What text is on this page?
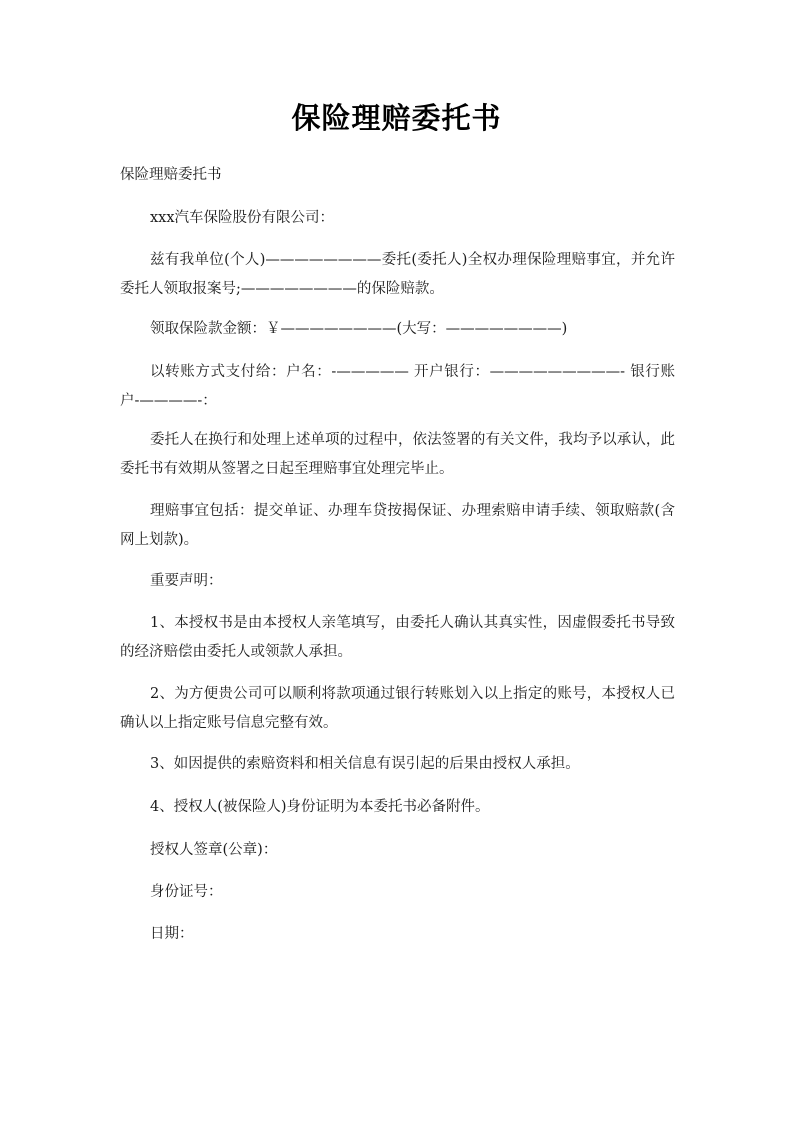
保险理赔委托书
保险理赔委托书
xxx汽车保险股份有限公司：
兹有我单位(个人)————————委托(委托人)全权办理保险理赔事宜，并允许委托人领取报案号;————————的保险赔款。
领取保险款金额：￥————————(大写：————————)
以转账方式支付给：户名：-————— 开户银行：—————————- 银行账户-————-：
委托人在换行和处理上述单项的过程中，依法签署的有关文件，我均予以承认，此委托书有效期从签署之日起至理赔事宜处理完毕止。
理赔事宜包括：提交单证、办理车贷按揭保证、办理索赔申请手续、领取赔款(含网上划款)。
重要声明：
1、本授权书是由本授权人亲笔填写，由委托人确认其真实性，因虚假委托书导致的经济赔偿由委托人或领款人承担。
2、为方便贵公司可以顺利将款项通过银行转账划入以上指定的账号，本授权人已确认以上指定账号信息完整有效。
3、如因提供的索赔资料和相关信息有误引起的后果由授权人承担。
4、授权人(被保险人)身份证明为本委托书必备附件。
授权人签章(公章)：
身份证号：
日期：
